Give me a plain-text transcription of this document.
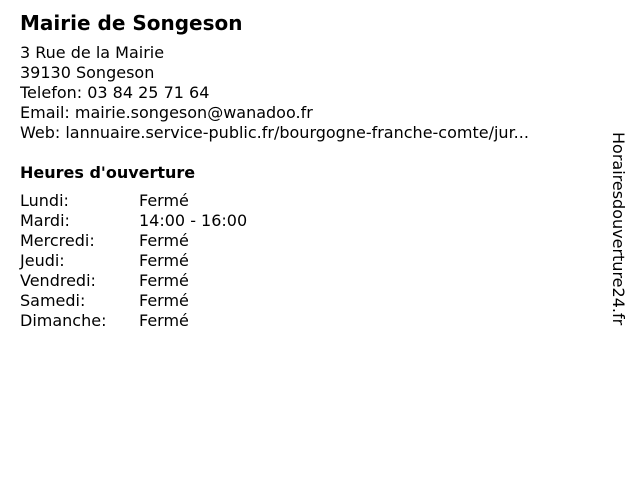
Mairie de Songeson
3 Rue de la Mairie
39130 Songeson
Telefon: 03 84 25 71 64
Email: mairie.songeson@wanadoo.fr
Web: lannuaire.service-public.fr/bourgogne-franche-comte/jur...
Heures d'ouverture
Lundi:	Fermé
Mardi:	14:00 - 16:00
Mercredi:	Fermé
Jeudi:	Fermé
Vendredi:	Fermé
Samedi:	Fermé
Dimanche:	Fermé	Horairesdouverture24.fr
